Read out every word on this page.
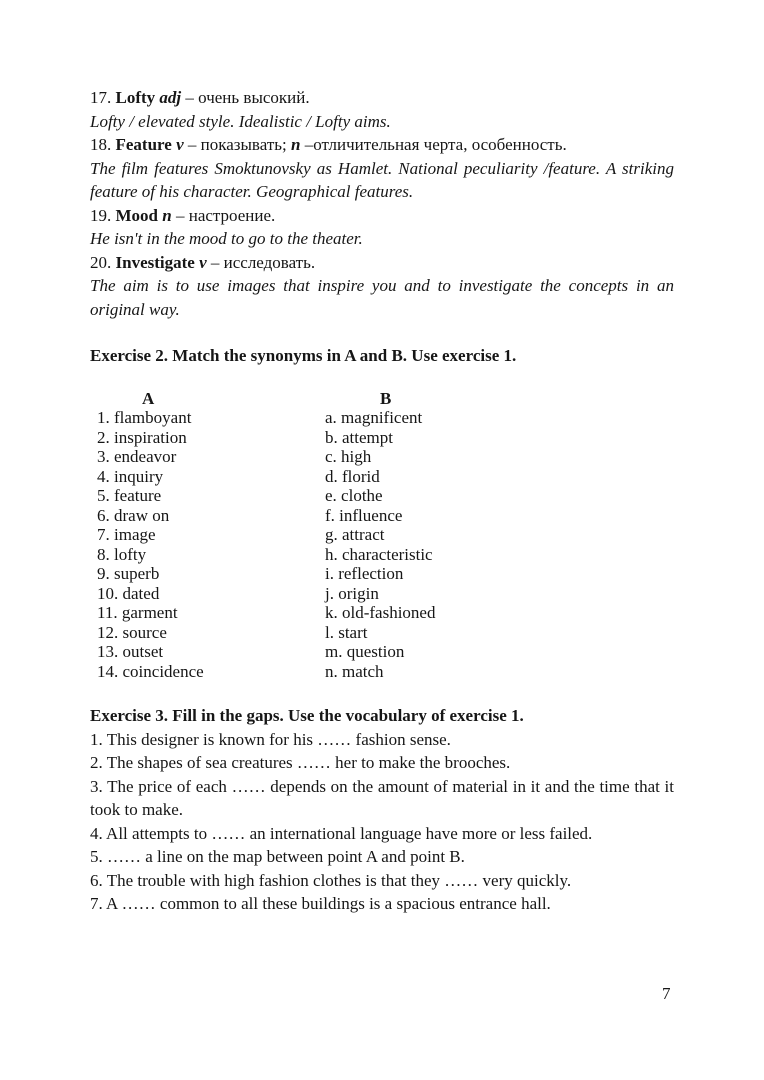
17. Lofty adj – очень высокий.

Lofty / elevated style. Idealistic / Lofty aims.

18. Feature v – показывать; n –отличительная черта, особенность.

The film features Smoktunovsky as Hamlet. National peculiarity /feature. A striking feature of his character. Geographical features.

19. Mood n – настроение.

He isn't in the mood to go to the theater.

20. Investigate v – исследовать.

The aim is to use images that inspire you and to investigate the concepts in an original way.

Exercise 2. Match the synonyms in A and B. Use exercise 1.

A
1. flamboyant
2. inspiration
3. endeavor
4. inquiry
5. feature
6. draw on
7. image
8. lofty
9. superb
10. dated
11. garment
12. source
13. outset
14. coincidence
B
a. magnificent
b. attempt
c. high
d. florid
e. clothe
f. influence
g. attract
h. characteristic
i. reflection
j. origin
k. old-fashioned
l. start
m. question
n. match

Exercise 3. Fill in the gaps. Use the vocabulary of exercise 1.

1. This designer is known for his …… fashion sense.

2. The shapes of sea creatures …… her to make the brooches.

3. The price of each …… depends on the amount of material in it and the time that it took to make.

4. All attempts to …… an international language have more or less failed.

5. …… a line on the map between point A and point B.

6. The trouble with high fashion clothes is that they …… very quickly.

7. A …… common to all these buildings is a spacious entrance hall.

7
